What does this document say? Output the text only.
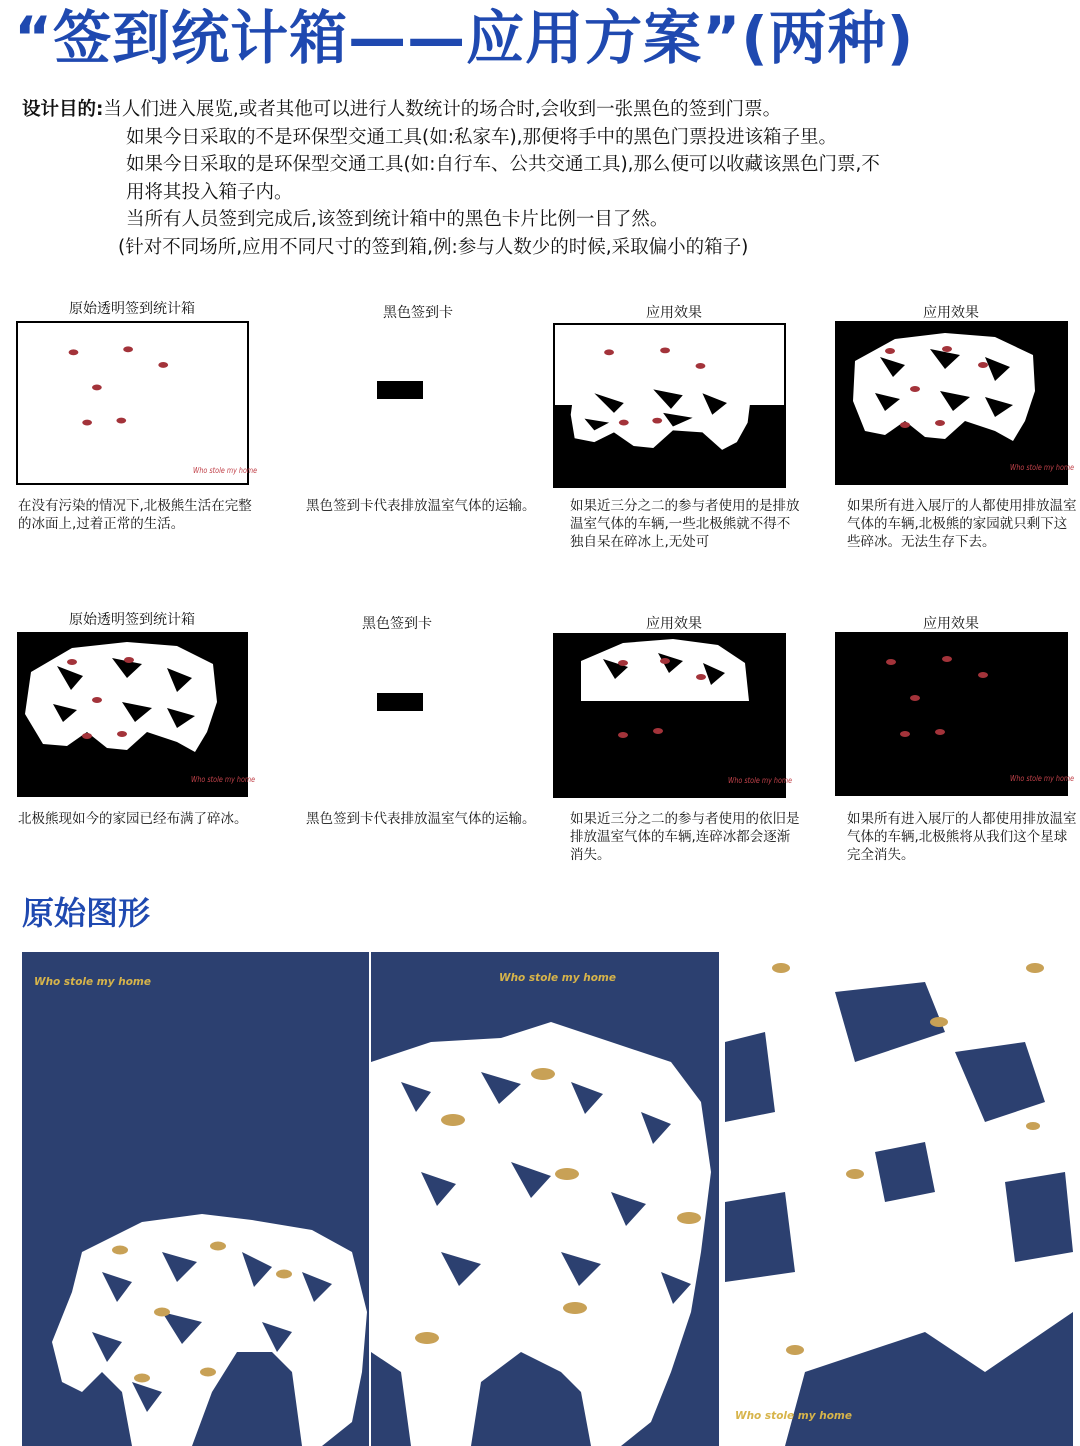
“签到统计箱——应用方案”(两种)
设计目的:当人们进入展览,或者其他可以进行人数统计的场合时,会收到一张黑色的签到门票。
如果今日采取的不是环保型交通工具(如:私家车),那便将手中的黑色门票投进该箱子里。
如果今日采取的是环保型交通工具(如:自行车、公共交通工具),那么便可以收藏该黑色门票,不
用将其投入箱子内。
当所有人员签到完成后,该签到统计箱中的黑色卡片比例一目了然。
(针对不同场所,应用不同尺寸的签到箱,例:参与人数少的时候,采取偏小的箱子)
原始透明签到统计箱	黑色签到卡	应用效果	应用效果
Who stole my home	Who stole my home
在没有污染的情况下,北极熊生活在完整的冰面上,过着正常的生活。
黑色签到卡代表排放温室气体的运输。	如果近三分之二的参与者使用的是排放温室气体的车辆,一些北极熊就不得不独自呆在碎冰上,无处可
如果所有进入展厅的人都使用排放温室气体的车辆,北极熊的家园就只剩下这些碎冰。无法生存下去。
原始透明签到统计箱	黑色签到卡	应用效果	应用效果
Who stole my home	Who stole my home	Who stole my home
北极熊现如今的家园已经布满了碎冰。	黑色签到卡代表排放温室气体的运输。	如果近三分之二的参与者使用的依旧是排放温室气体的车辆,连碎冰都会逐渐消失。
如果所有进入展厅的人都使用排放温室气体的车辆,北极熊将从我们这个星球完全消失。
原始图形
Who stole my home	Who stole my home
Who stole my home
